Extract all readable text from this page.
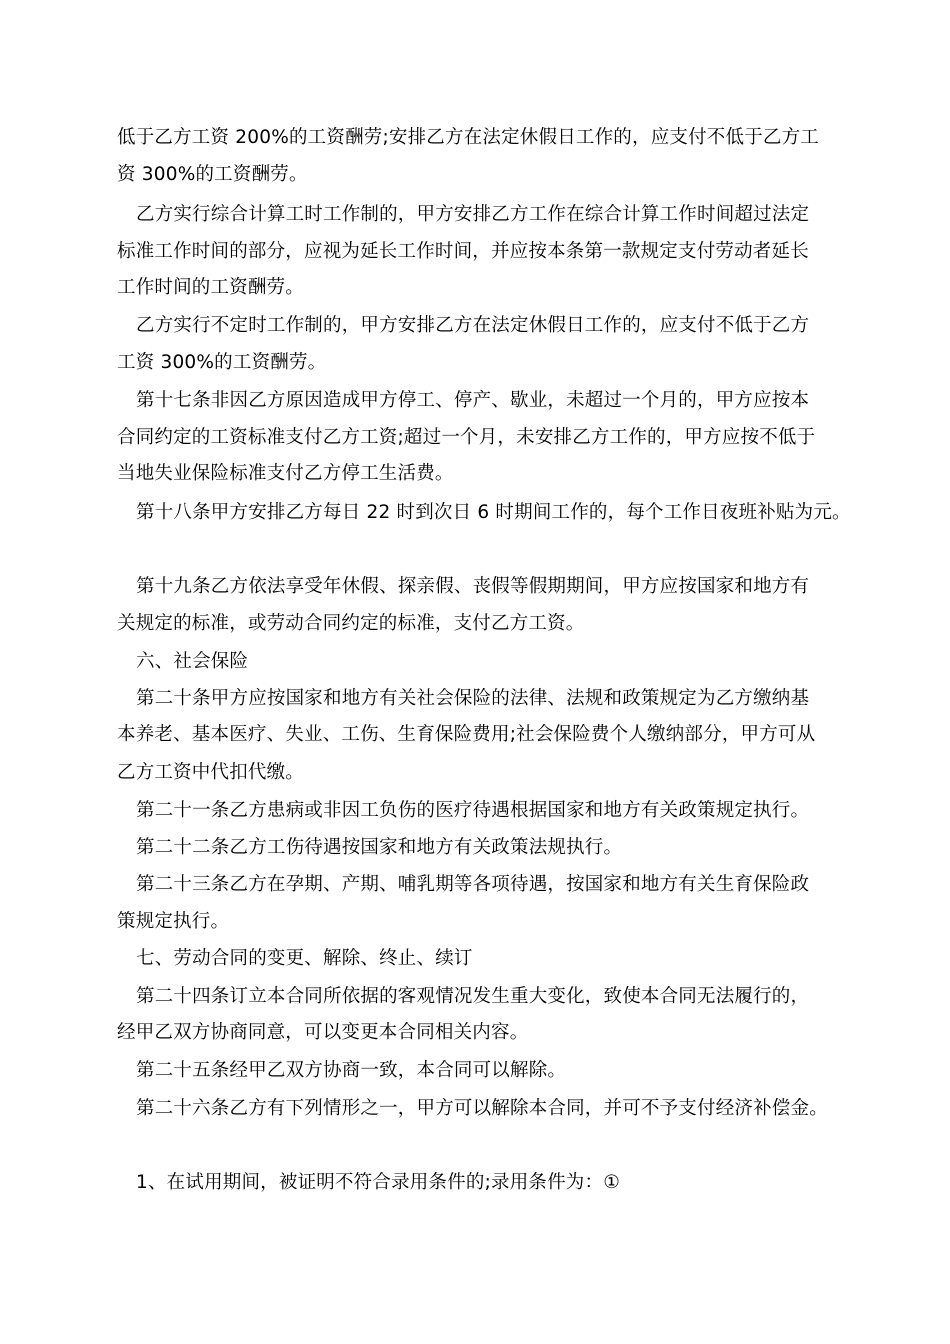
低于乙方工资 200%的工资酬劳;安排乙方在法定休假日工作的，应支付不低于乙方工
资 300%的工资酬劳。
乙方实行综合计算工时工作制的，甲方安排乙方工作在综合计算工作时间超过法定
标准工作时间的部分，应视为延长工作时间，并应按本条第一款规定支付劳动者延长
工作时间的工资酬劳。
乙方实行不定时工作制的，甲方安排乙方在法定休假日工作的，应支付不低于乙方
工资 300%的工资酬劳。
第十七条非因乙方原因造成甲方停工、停产、歇业，未超过一个月的，甲方应按本
合同约定的工资标准支付乙方工资;超过一个月，未安排乙方工作的，甲方应按不低于
当地失业保险标准支付乙方停工生活费。
第十八条甲方安排乙方每日 22 时到次日 6 时期间工作的，每个工作日夜班补贴为元。
第十九条乙方依法享受年休假、探亲假、丧假等假期期间，甲方应按国家和地方有
关规定的标准，或劳动合同约定的标准，支付乙方工资。
六、社会保险
第二十条甲方应按国家和地方有关社会保险的法律、法规和政策规定为乙方缴纳基
本养老、基本医疗、失业、工伤、生育保险费用;社会保险费个人缴纳部分，甲方可从
乙方工资中代扣代缴。
第二十一条乙方患病或非因工负伤的医疗待遇根据国家和地方有关政策规定执行。
第二十二条乙方工伤待遇按国家和地方有关政策法规执行。
第二十三条乙方在孕期、产期、哺乳期等各项待遇，按国家和地方有关生育保险政
策规定执行。
七、劳动合同的变更、解除、终止、续订
第二十四条订立本合同所依据的客观情况发生重大变化，致使本合同无法履行的，
经甲乙双方协商同意，可以变更本合同相关内容。
第二十五条经甲乙双方协商一致，本合同可以解除。
第二十六条乙方有下列情形之一，甲方可以解除本合同，并可不予支付经济补偿金。
1、在试用期间，被证明不符合录用条件的;录用条件为：①
